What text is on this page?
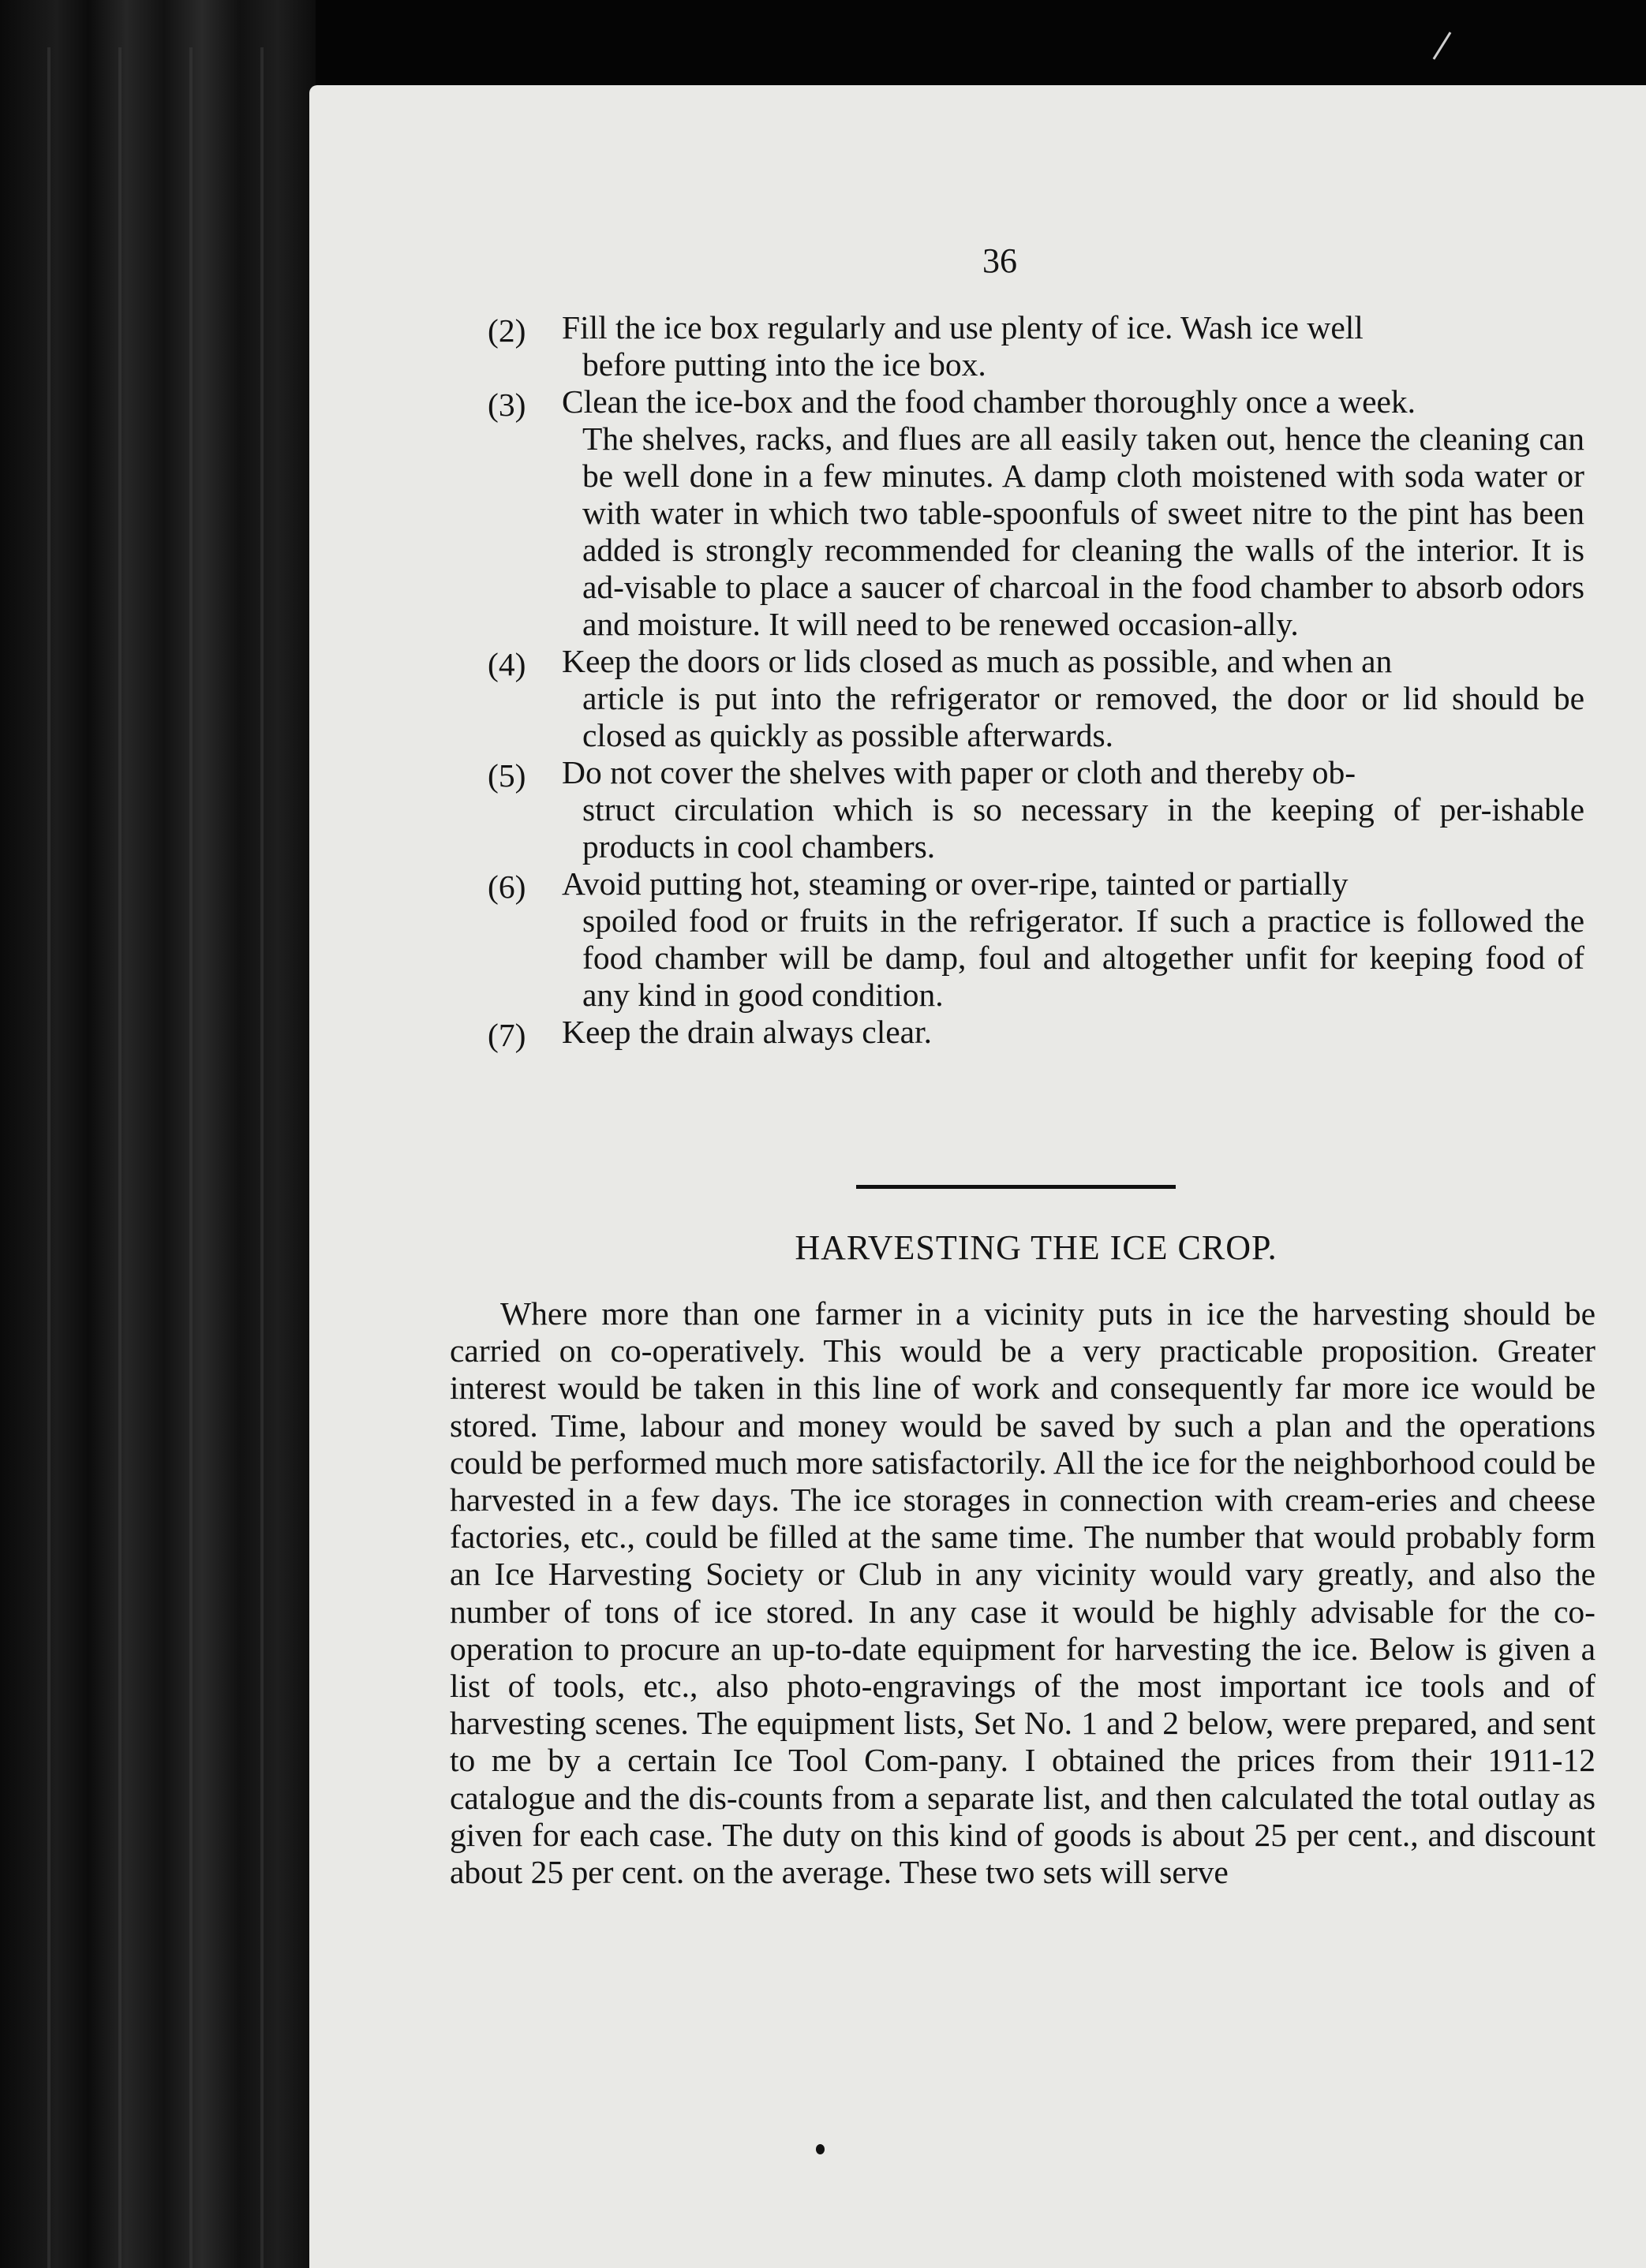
36
(2)	Fill the ice box regularly and use plenty of ice. Wash ice well
before putting into the ice box.
(3)	Clean the ice-box and the food chamber thoroughly once a week.
The shelves, racks, and flues are all easily taken out, hence the cleaning can be well done in a few minutes. A damp cloth moistened with soda water or with water in which two table-spoonfuls of sweet nitre to the pint has been added is strongly recommended for cleaning the walls of the interior. It is ad-visable to place a saucer of charcoal in the food chamber to absorb odors and moisture. It will need to be renewed occasion-ally.
(4)	Keep the doors or lids closed as much as possible, and when an
article is put into the refrigerator or removed, the door or lid should be closed as quickly as possible afterwards.
(5)	Do not cover the shelves with paper or cloth and thereby ob-
struct circulation which is so necessary in the keeping of per-ishable products in cool chambers.
(6)	Avoid putting hot, steaming or over-ripe, tainted or partially
spoiled food or fruits in the refrigerator. If such a practice is followed the food chamber will be damp, foul and altogether unfit for keeping food of any kind in good condition.
(7)	Keep the drain always clear.
HARVESTING THE ICE CROP.
Where more than one farmer in a vicinity puts in ice the harvesting should be carried on co-operatively. This would be a very practicable proposition. Greater interest would be taken in this line of work and consequently far more ice would be stored. Time, labour and money would be saved by such a plan and the operations could be performed much more satisfactorily. All the ice for the neighborhood could be harvested in a few days. The ice storages in connection with cream-eries and cheese factories, etc., could be filled at the same time. The number that would probably form an Ice Harvesting Society or Club in any vicinity would vary greatly, and also the number of tons of ice stored. In any case it would be highly advisable for the co-operation to procure an up-to-date equipment for harvesting the ice. Below is given a list of tools, etc., also photo-engravings of the most important ice tools and of harvesting scenes. The equipment lists, Set No. 1 and 2 below, were prepared, and sent to me by a certain Ice Tool Com-pany. I obtained the prices from their 1911-12 catalogue and the dis-counts from a separate list, and then calculated the total outlay as given for each case. The duty on this kind of goods is about 25 per cent., and discount about 25 per cent. on the average. These two sets will serve
